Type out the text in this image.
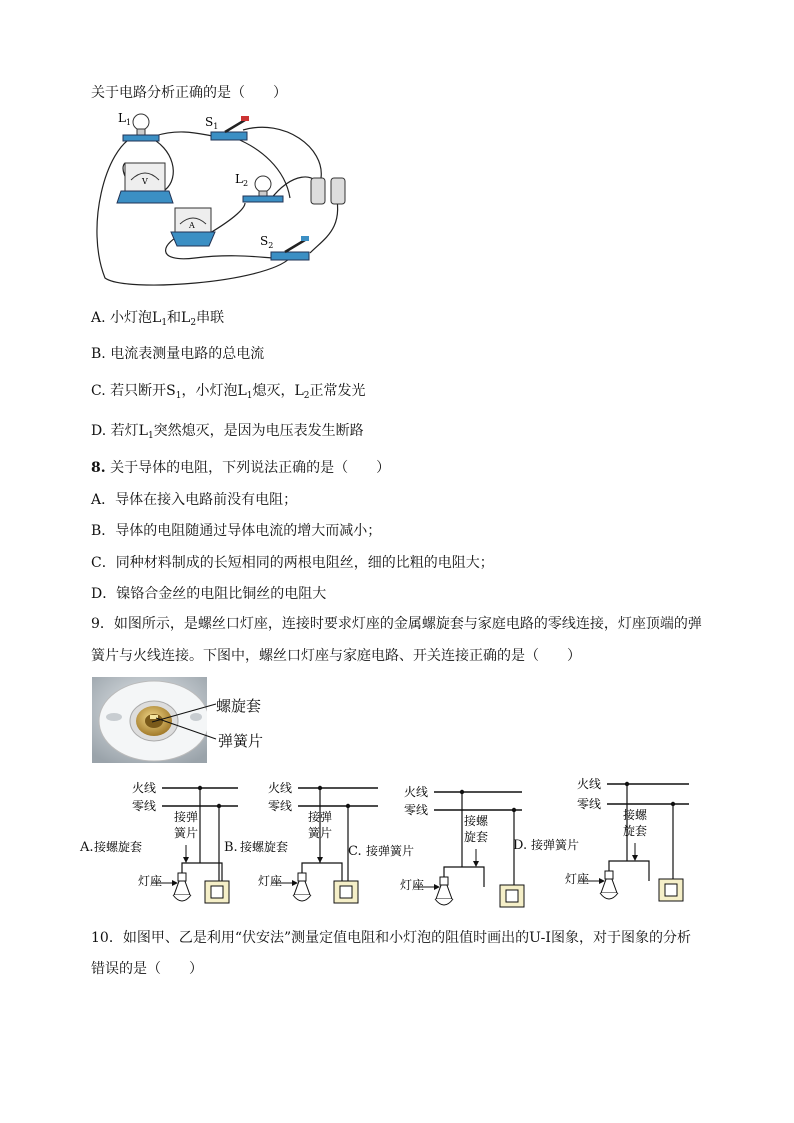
关于电路分析正确的是（　　）
$L_1$
V
$S_1$
$L_2$
A
$S_2$
A. 小灯泡$L_1$和$L_2$串联
B. 电流表测量电路的总电流
C. 若只断开$S_1$，小灯泡$L_1$熄灭，$L_2$正常发光
D. 若灯$L_1$突然熄灭，是因为电压表发生断路
8. 关于导体的电阻，下列说法正确的是（　　）
A．导体在接入电路前没有电阻；
B．导体的电阻随通过导体电流的增大而减小；
C．同种材料制成的长短相同的两根电阻丝，细的比粗的电阻大；
D．镍铬合金丝的电阻比铜丝的电阻大
9．如图所示，是螺丝口灯座，连接时要求灯座的金属螺旋套与家庭电路的零线连接，灯座顶端的弹
簧片与火线连接。下图中，螺丝口灯座与家庭电路、开关连接正确的是（　　）
螺旋套
弹簧片
火线
零线
接弹
簧片
接螺旋套
灯座
A.
火线
零线
接弹
簧片
接螺旋套
灯座
B.
火线
零线
接螺
旋套
接弹簧片
灯座
C.
火线
零线
接螺
旋套
接弹簧片
灯座
D.
10．如图甲、乙是利用“伏安法”测量定值电阻和小灯泡的阻值时画出的U-I图象，对于图象的分析
错误的是（　　）
